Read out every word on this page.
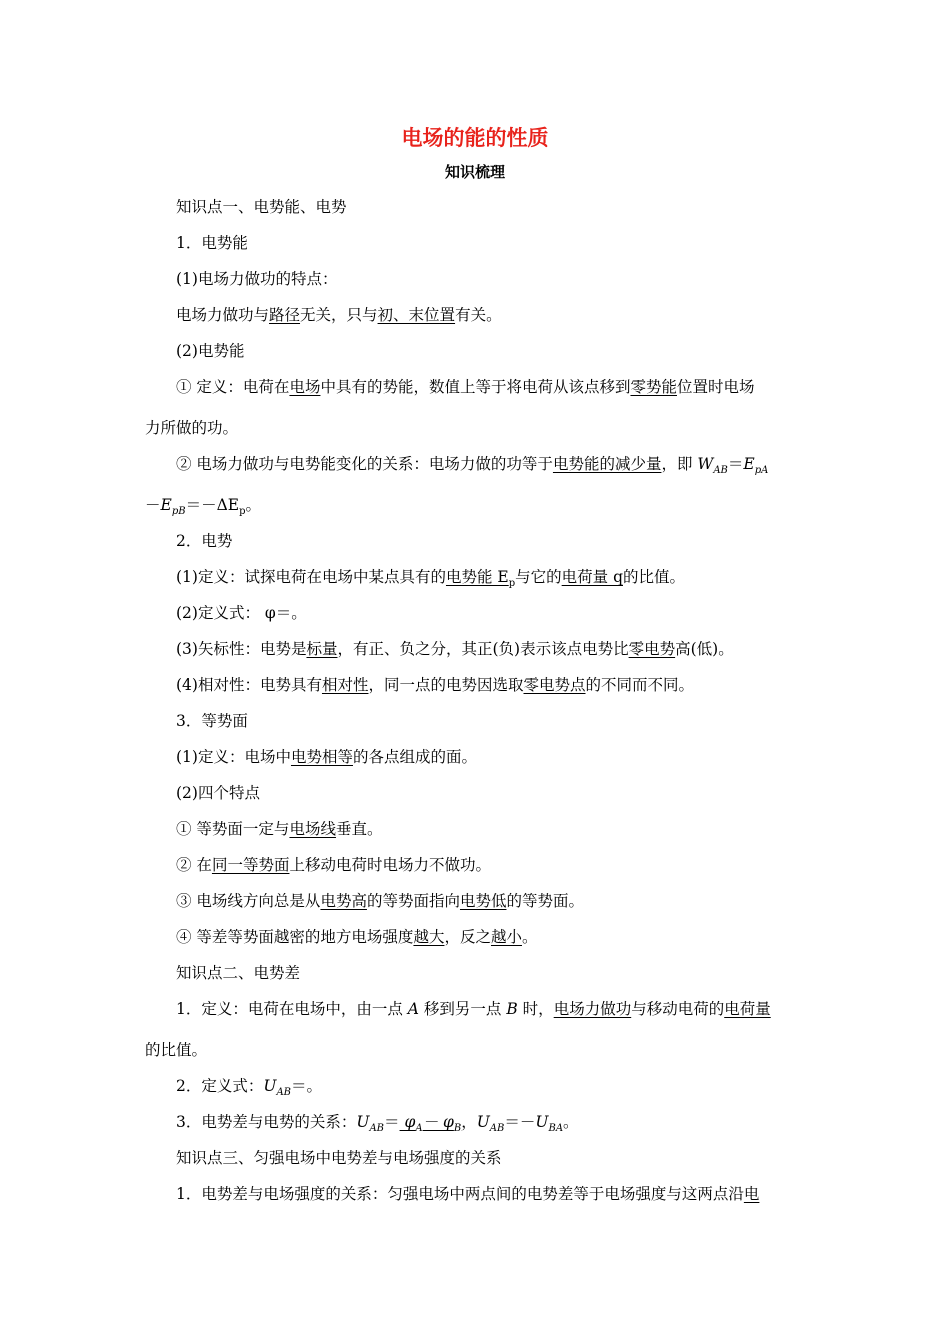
电场的能的性质
知识梳理
知识点一、电势能、电势
1．电势能
(1)电场力做功的特点：
电场力做功与路径无关，只与初、末位置有关。
(2)电势能
① 定义：电荷在电场中具有的势能，数值上等于将电荷从该点移到零势能位置时电场
力所做的功。
② 电场力做功与电势能变化的关系：电场力做的功等于电势能的减少量，即 $W_{AB}=E_{pA}$
$-E_{pB}=-\Delta E_p$。
2．电势
(1)定义：试探电荷在电场中某点具有的电势能 $E_p$与它的电荷量 q的比值。
(2)定义式： φ＝。
(3)矢标性：电势是标量，有正、负之分，其正(负)表示该点电势比零电势高(低)。
(4)相对性：电势具有相对性，同一点的电势因选取零电势点的不同而不同。
3．等势面
(1)定义：电场中电势相等的各点组成的面。
(2)四个特点
① 等势面一定与电场线垂直。
② 在同一等势面上移动电荷时电场力不做功。
③ 电场线方向总是从电势高的等势面指向电势低的等势面。
④ 等差等势面越密的地方电场强度越大，反之越小。
知识点二、电势差
1．定义：电荷在电场中，由一点 A 移到另一点 B 时，电场力做功与移动电荷的电荷量
的比值。
2．定义式：$U_{AB}=$。
3．电势差与电势的关系：$U_{AB}= \varphi_A- \varphi_B$，$U_{AB}=-U_{BA}$。
知识点三、匀强电场中电势差与电场强度的关系
1．电势差与电场强度的关系：匀强电场中两点间的电势差等于电场强度与这两点沿电
